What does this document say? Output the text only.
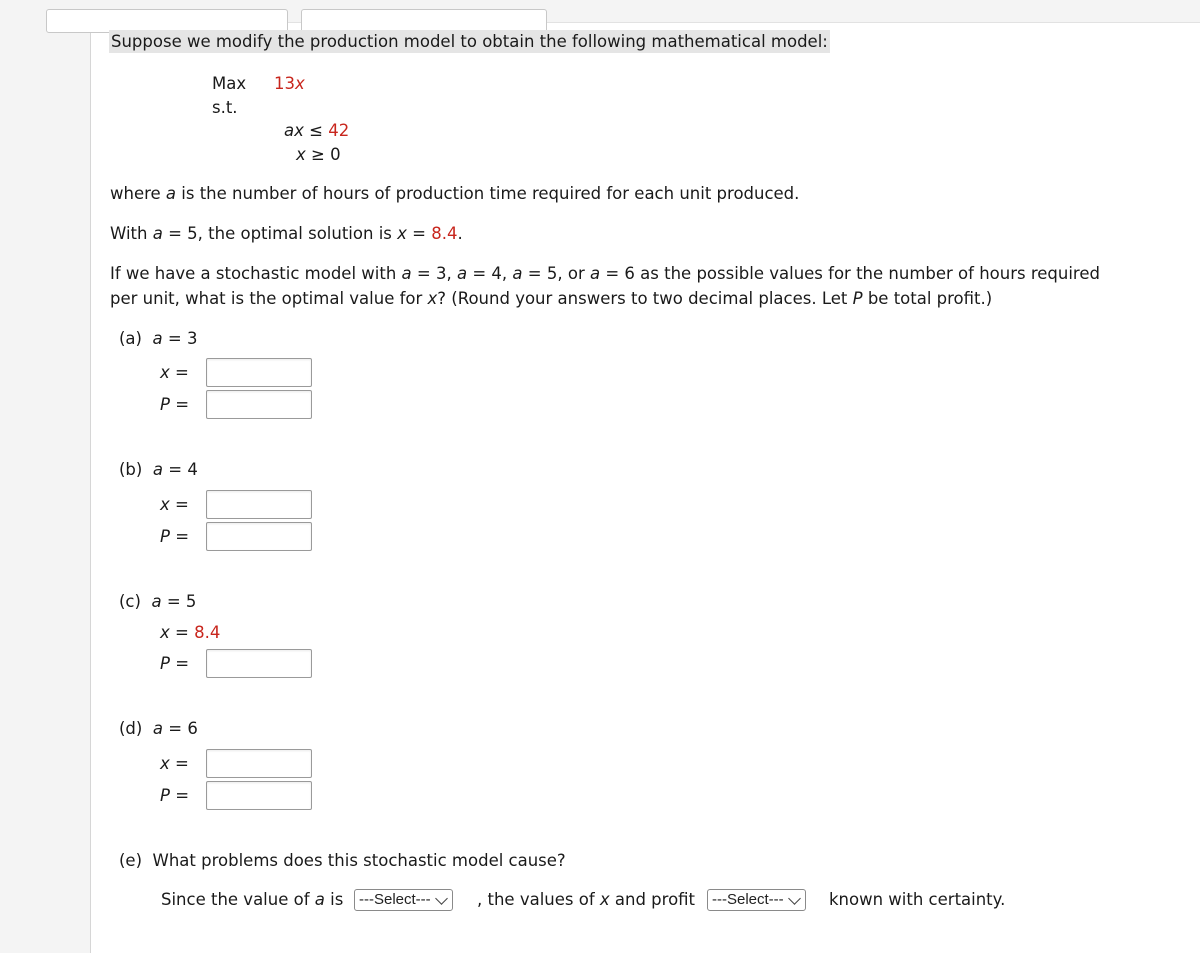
Suppose we modify the production model to obtain the following mathematical model:
Max 13x
s.t.
ax ≤ 42
x ≥ 0
where a is the number of hours of production time required for each unit produced.
With a = 5, the optimal solution is x = 8.4.
If we have a stochastic model with a = 3, a = 4, a = 5, or a = 6 as the possible values for the number of hours required
per unit, what is the optimal value for x? (Round your answers to two decimal places. Let P be total profit.)
(a) a = 3
x =
P =
(b) a = 4
x =
P =
(c) a = 5
x = 8.4
P =
(d) a = 6
x =
P =
(e) What problems does this stochastic model cause?
Since the value of a is	---Select---	, the values of x and profit	---Select---	known with certainty.
